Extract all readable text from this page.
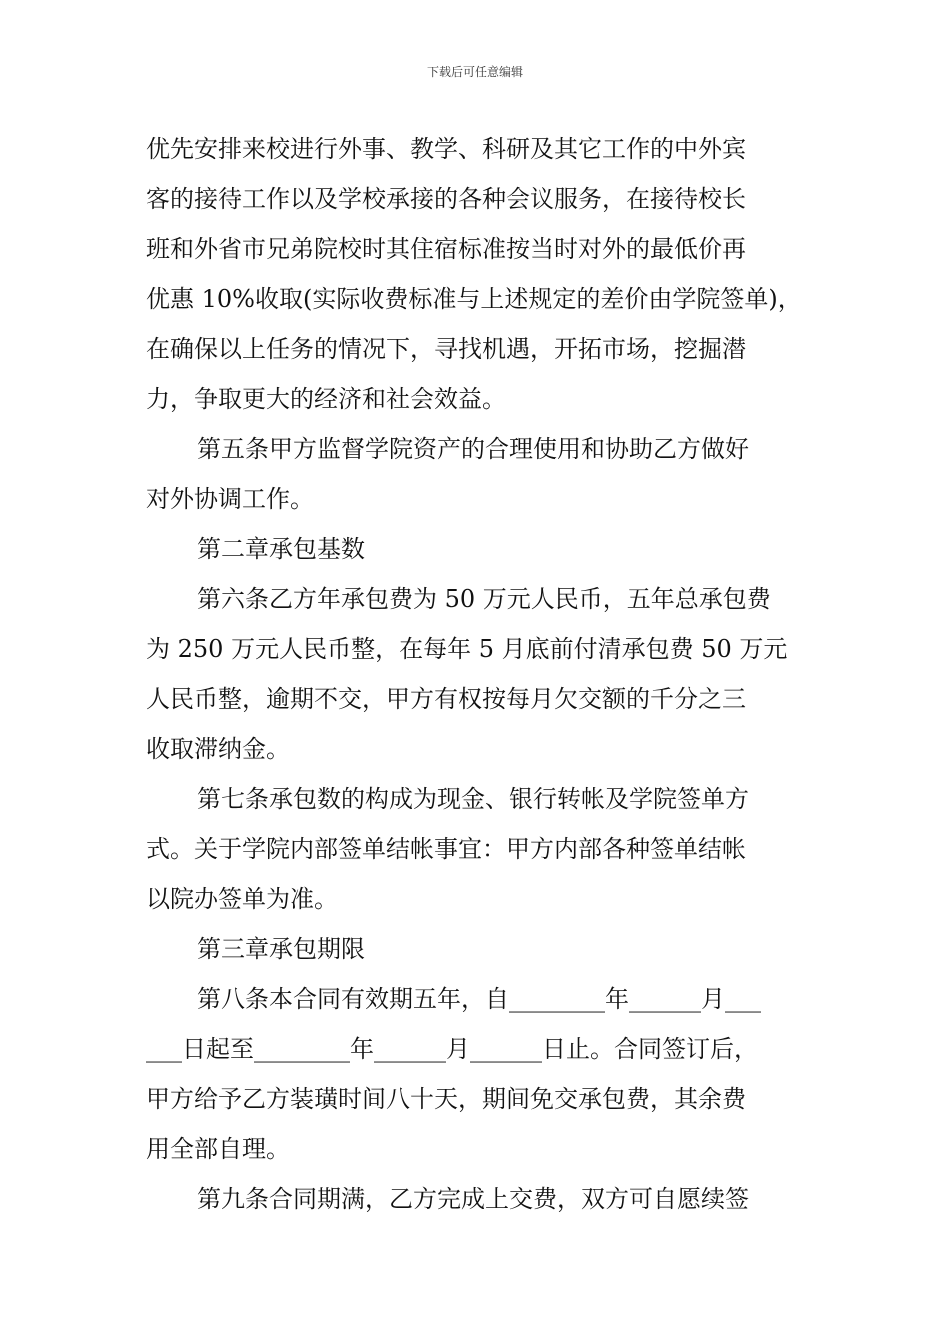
下载后可任意编辑
优先安排来校进行外事、教学、科研及其它工作的中外宾
客的接待工作以及学校承接的各种会议服务，在接待校长
班和外省市兄弟院校时其住宿标准按当时对外的最低价再
优惠 10%收取(实际收费标准与上述规定的差价由学院签单)，
在确保以上任务的情况下，寻找机遇，开拓市场，挖掘潜
力，争取更大的经济和社会效益。
第五条甲方监督学院资产的合理使用和协助乙方做好
对外协调工作。
第二章承包基数
第六条乙方年承包费为 50 万元人民币，五年总承包费
为 250 万元人民币整，在每年 5 月底前付清承包费 50 万元
人民币整，逾期不交，甲方有权按每月欠交额的千分之三
收取滞纳金。
第七条承包数的构成为现金、银行转帐及学院签单方
式。关于学院内部签单结帐事宜：甲方内部各种签单结帐
以院办签单为准。
第三章承包期限
第八条本合同有效期五年，自________年______月___
___日起至________年______月______日止。合同签订后，
甲方给予乙方装璜时间八十天，期间免交承包费，其余费
用全部自理。
第九条合同期满，乙方完成上交费，双方可自愿续签
